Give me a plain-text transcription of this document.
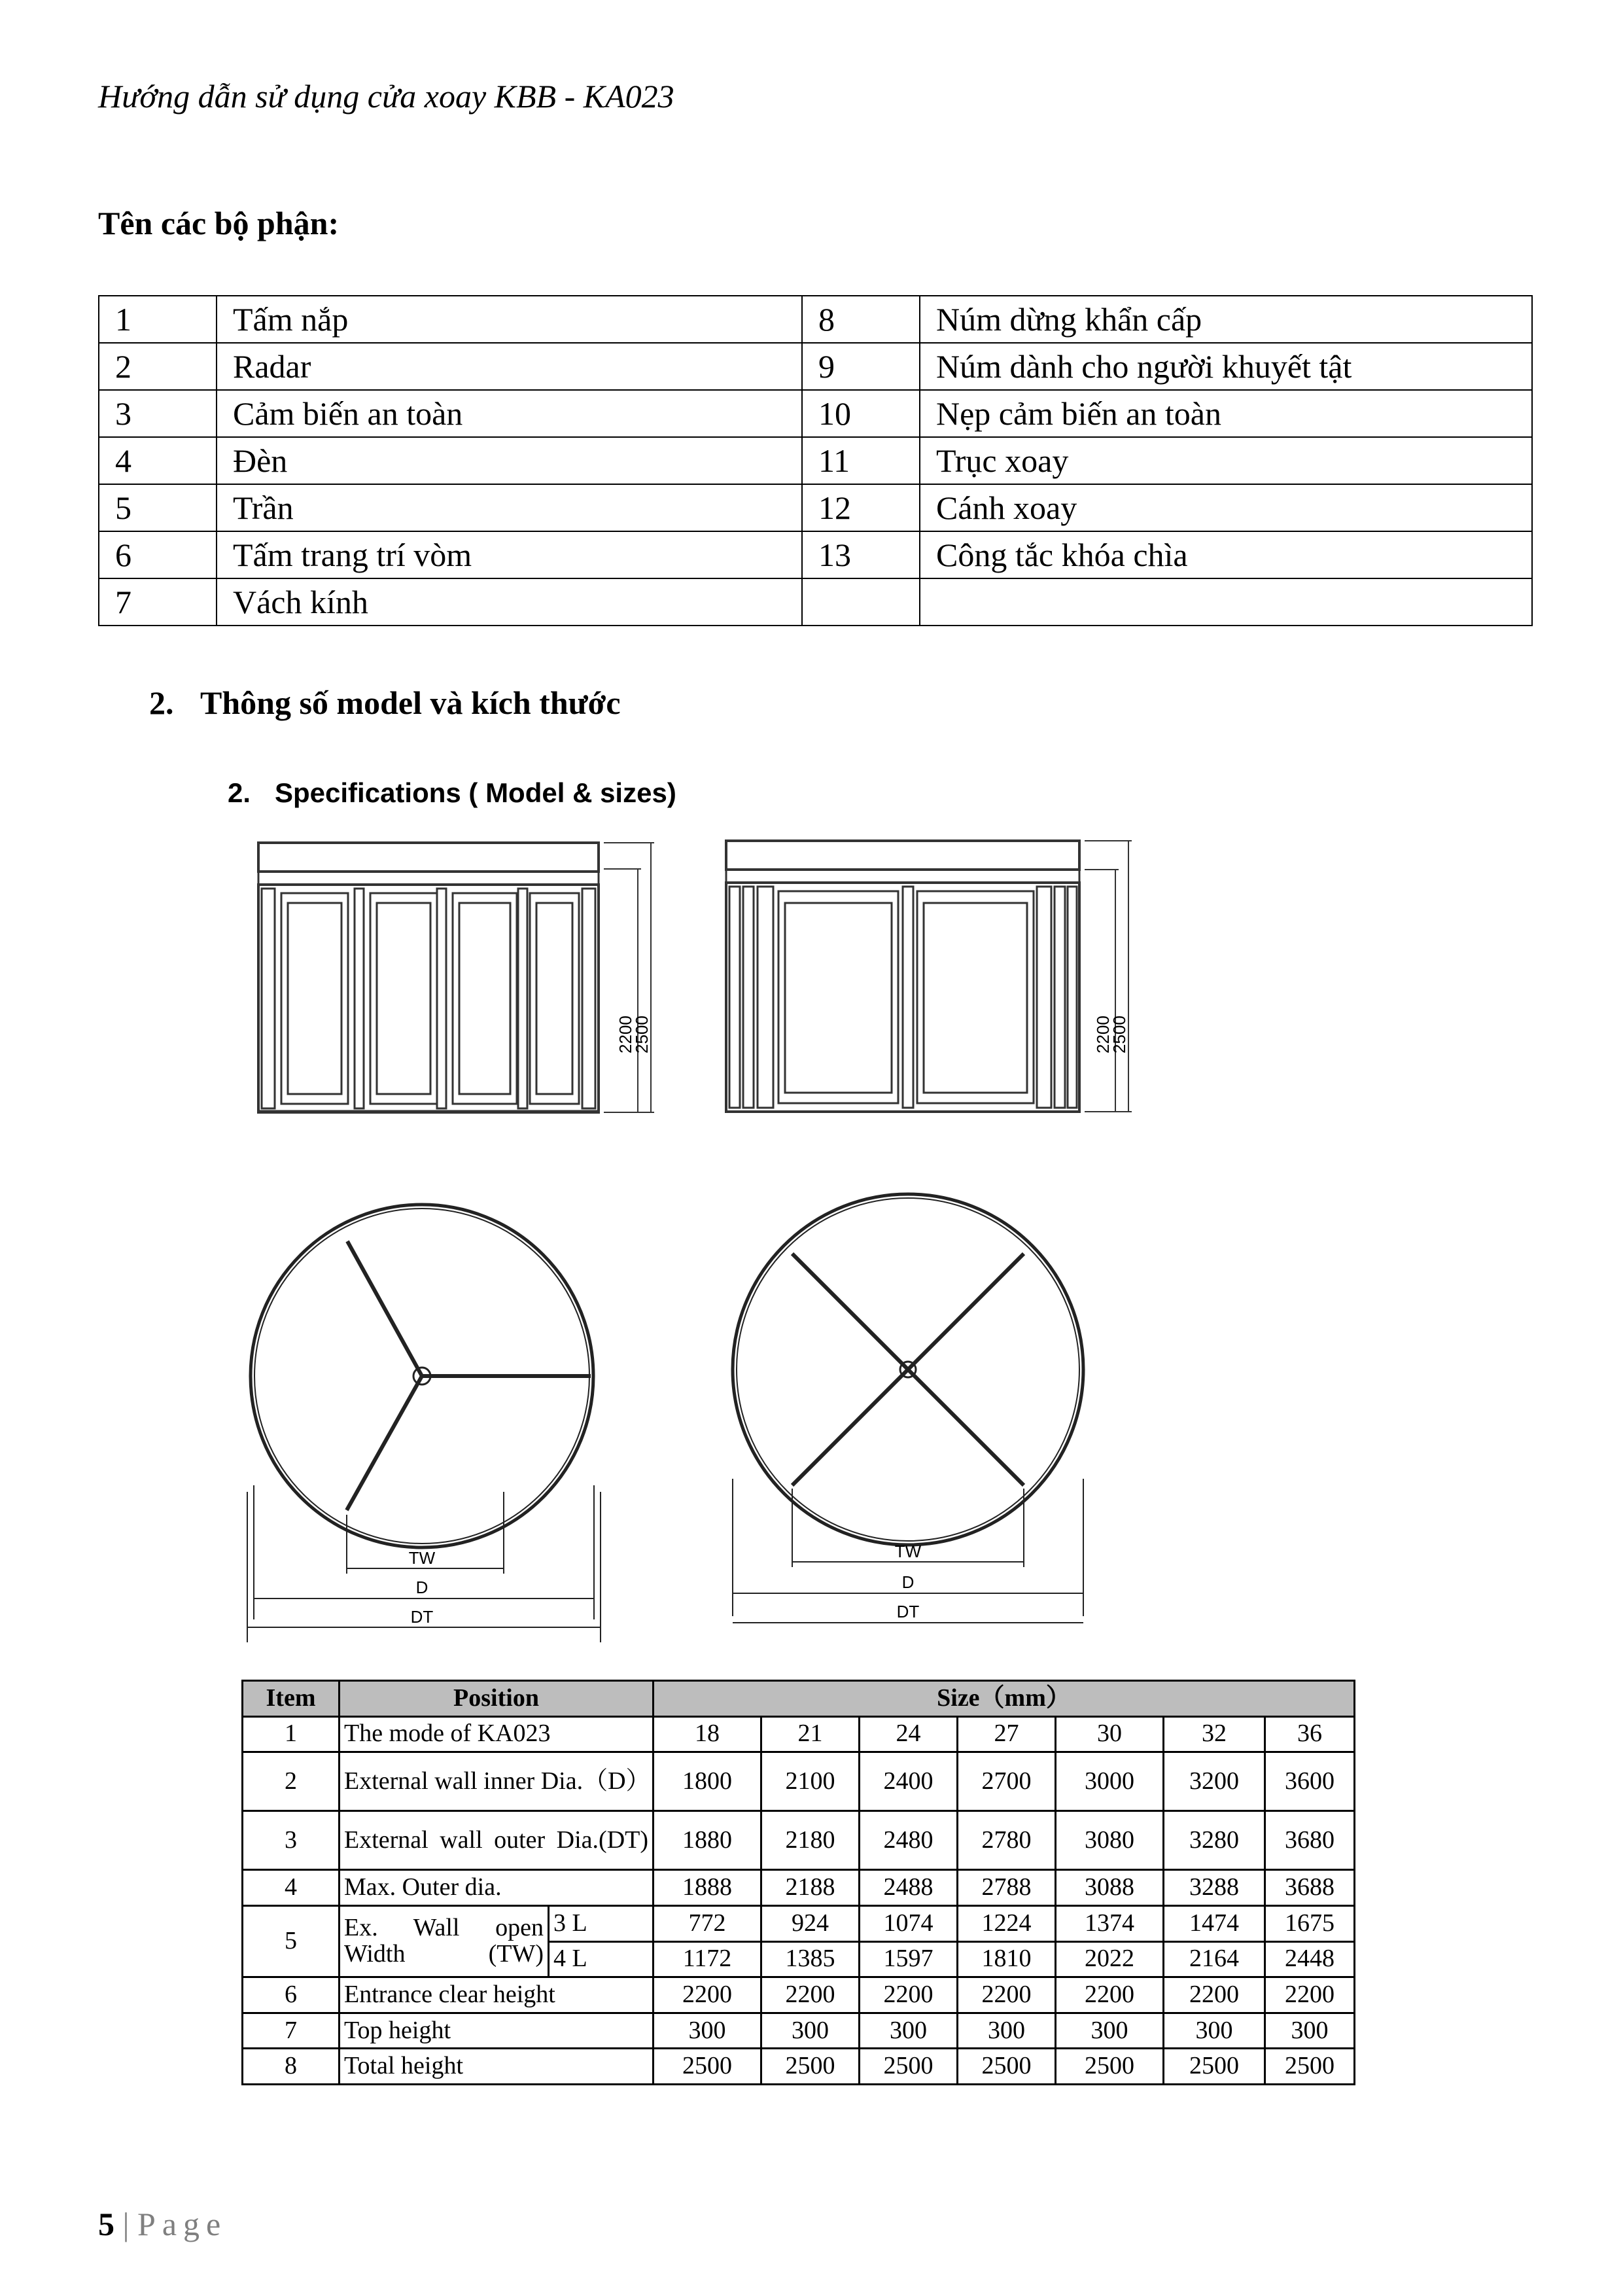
Hướng dẫn sử dụng cửa xoay KBB - KA023
Tên các bộ phận:
1	Tấm nắp	8	Núm dừng khẩn cấp
2	Radar	9	Núm dành cho người khuyết tật
3	Cảm biến an toàn	10	Nẹp cảm biến an toàn
4	Đèn	11	Trục xoay
5	Trần	12	Cánh xoay
6	Tấm trang trí vòm	13	Công tắc khóa chìa
7	Vách kính		
2. Thông số model và kích thước
2. Specifications ( Model & sizes)
2200
2500	2200
2500
TW
D
DT
TW
D
DT
Item	Position		Size（mm）						
1	The mode of KA023		18	21	24	27	30	32	36
2	External wall inner Dia.（D）		1800	2100	2400	2700	3000	3200	3600
3	External wall outer Dia.(DT)		1880	2180	2480	2780	3080	3280	3680
4	Max. Outer dia.		1888	2188	2488	2788	3088	3288	3688
5	Ex. Wall open Width (TW)	3 L	772	924	1074	1224	1374	1474	1675
		4 L	1172	1385	1597	1810	2022	2164	2448
6	Entrance clear height		2200	2200	2200	2200	2200	2200	2200
7	Top height		300	300	300	300	300	300	300
8	Total height		2500	2500	2500	2500	2500	2500	2500
5 | Page
